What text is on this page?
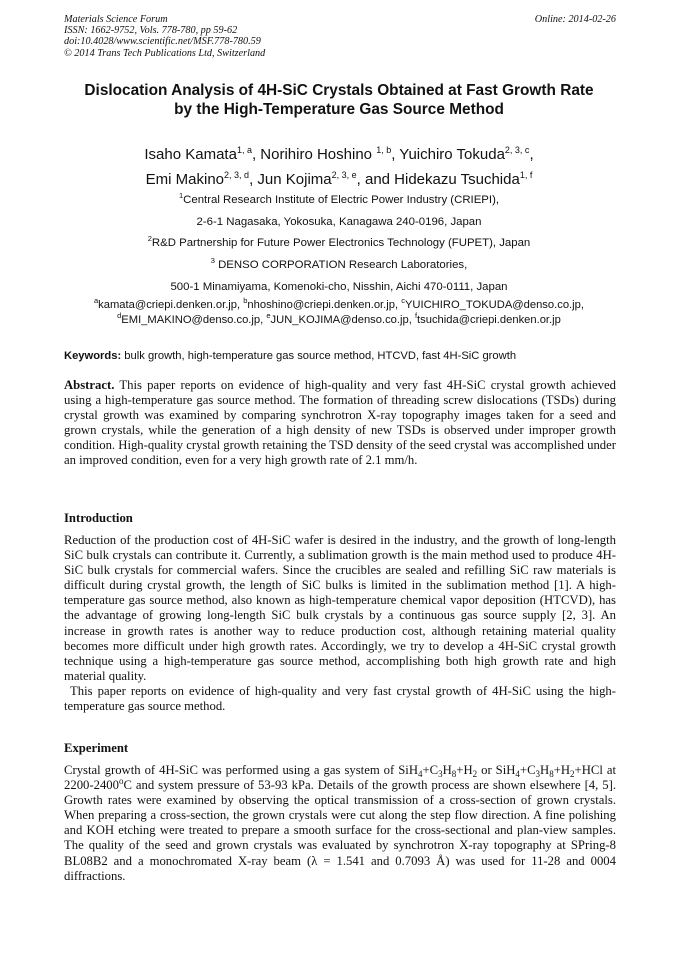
Materials Science Forum
ISSN: 1662-9752, Vols. 778-780, pp 59-62
doi:10.4028/www.scientific.net/MSF.778-780.59
© 2014 Trans Tech Publications Ltd, Switzerland
Online: 2014-02-26
Dislocation Analysis of 4H-SiC Crystals Obtained at Fast Growth Rate
by the High-Temperature Gas Source Method
Isaho Kamata$^{1, a}$, Norihiro Hoshino $^{1, b}$, Yuichiro Tokuda$^{2, 3, c}$,
Emi Makino$^{2, 3, d}$, Jun Kojima$^{2, 3, e}$, and Hidekazu Tsuchida$^{1, f}$
$^1$Central Research Institute of Electric Power Industry (CRIEPI),
2-6-1 Nagasaka, Yokosuka, Kanagawa 240-0196, Japan
$^2$R&D Partnership for Future Power Electronics Technology (FUPET), Japan
$^3$ DENSO CORPORATION Research Laboratories,
500-1 Minamiyama, Komenoki-cho, Nisshin, Aichi 470-0111, Japan
$^a$kamata@criepi.denken.or.jp, $^b$nhoshino@criepi.denken.or.jp, $^c$YUICHIRO_TOKUDA@denso.co.jp,
$^d$EMI_MAKINO@denso.co.jp, $^e$JUN_KOJIMA@denso.co.jp, $^f$tsuchida@criepi.denken.or.jp
Keywords: bulk growth, high-temperature gas source method, HTCVD, fast 4H-SiC growth

Abstract. This paper reports on evidence of high-quality and very fast 4H-SiC crystal growth achieved using a high-temperature gas source method. The formation of threading screw dislocations (TSDs) during crystal growth was examined by comparing synchrotron X-ray topography images taken for a seed and grown crystals, while the generation of a high density of new TSDs is observed under improper growth condition. High-quality crystal growth retaining the TSD density of the seed crystal was accomplished under an improved condition, even for a very high growth rate of 2.1 mm/h.

Introduction

Reduction of the production cost of 4H-SiC wafer is desired in the industry, and the growth of long-length SiC bulk crystals can contribute it. Currently, a sublimation growth is the main method used to produce 4H-SiC bulk crystals for commercial wafers. Since the crucibles are sealed and refilling SiC raw materials is difficult during crystal growth, the length of SiC bulks is limited in the sublimation method [1]. A high-temperature gas source method, also known as high-temperature chemical vapor deposition (HTCVD), has the advantage of growing long-length SiC bulk crystals by a continuous gas source supply [2, 3]. An increase in growth rates is another way to reduce production cost, although retaining material quality becomes more difficult under high growth rates. Accordingly, we try to develop a 4H-SiC crystal growth technique using a high-temperature gas source method, accomplishing both high growth rate and high material quality.

This paper reports on evidence of high-quality and very fast crystal growth of 4H-SiC using the high-temperature gas source method.

Experiment

Crystal growth of 4H-SiC was performed using a gas system of $SiH_4+C_3H_8+H_2$ or $SiH_4+C_3H_8+H_2+HCl$ at 2200-2400$^o$C and system pressure of 53-93 kPa. Details of the growth process are shown elsewhere [4, 5]. Growth rates were examined by observing the optical transmission of a cross-section of grown crystals. When preparing a cross-section, the grown crystals were cut along the step flow direction. A fine polishing and KOH etching were treated to prepare a smooth surface for the cross-sectional and plan-view samples. The quality of the seed and grown crystals was evaluated by synchrotron X-ray topography at SPring-8 BL08B2 and a monochromated X-ray beam (λ = 1.541 and 0.7093 Å) was used for 11-28 and 0004 diffractions.
